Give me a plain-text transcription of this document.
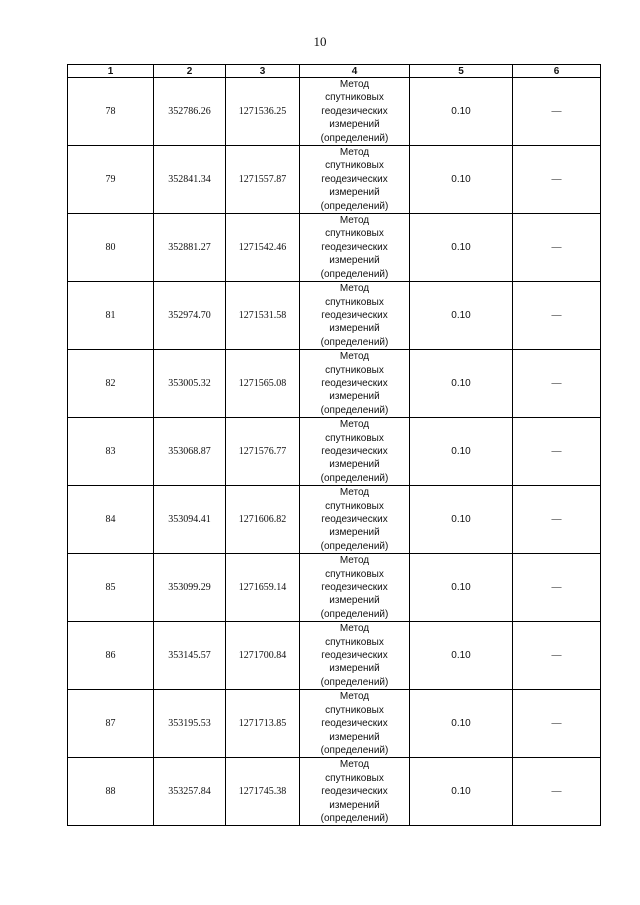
10
1	2	3	4	5	6
78	352786.26	1271536.25	Метод
спутниковых
геодезических
измерений
(определений)	0.10	—
79	352841.34	1271557.87	Метод
спутниковых
геодезических
измерений
(определений)	0.10	—
80	352881.27	1271542.46	Метод
спутниковых
геодезических
измерений
(определений)	0.10	—
81	352974.70	1271531.58	Метод
спутниковых
геодезических
измерений
(определений)	0.10	—
82	353005.32	1271565.08	Метод
спутниковых
геодезических
измерений
(определений)	0.10	—
83	353068.87	1271576.77	Метод
спутниковых
геодезических
измерений
(определений)	0.10	—
84	353094.41	1271606.82	Метод
спутниковых
геодезических
измерений
(определений)	0.10	—
85	353099.29	1271659.14	Метод
спутниковых
геодезических
измерений
(определений)	0.10	—
86	353145.57	1271700.84	Метод
спутниковых
геодезических
измерений
(определений)	0.10	—
87	353195.53	1271713.85	Метод
спутниковых
геодезических
измерений
(определений)	0.10	—
88	353257.84	1271745.38	Метод
спутниковых
геодезических
измерений
(определений)	0.10	—
